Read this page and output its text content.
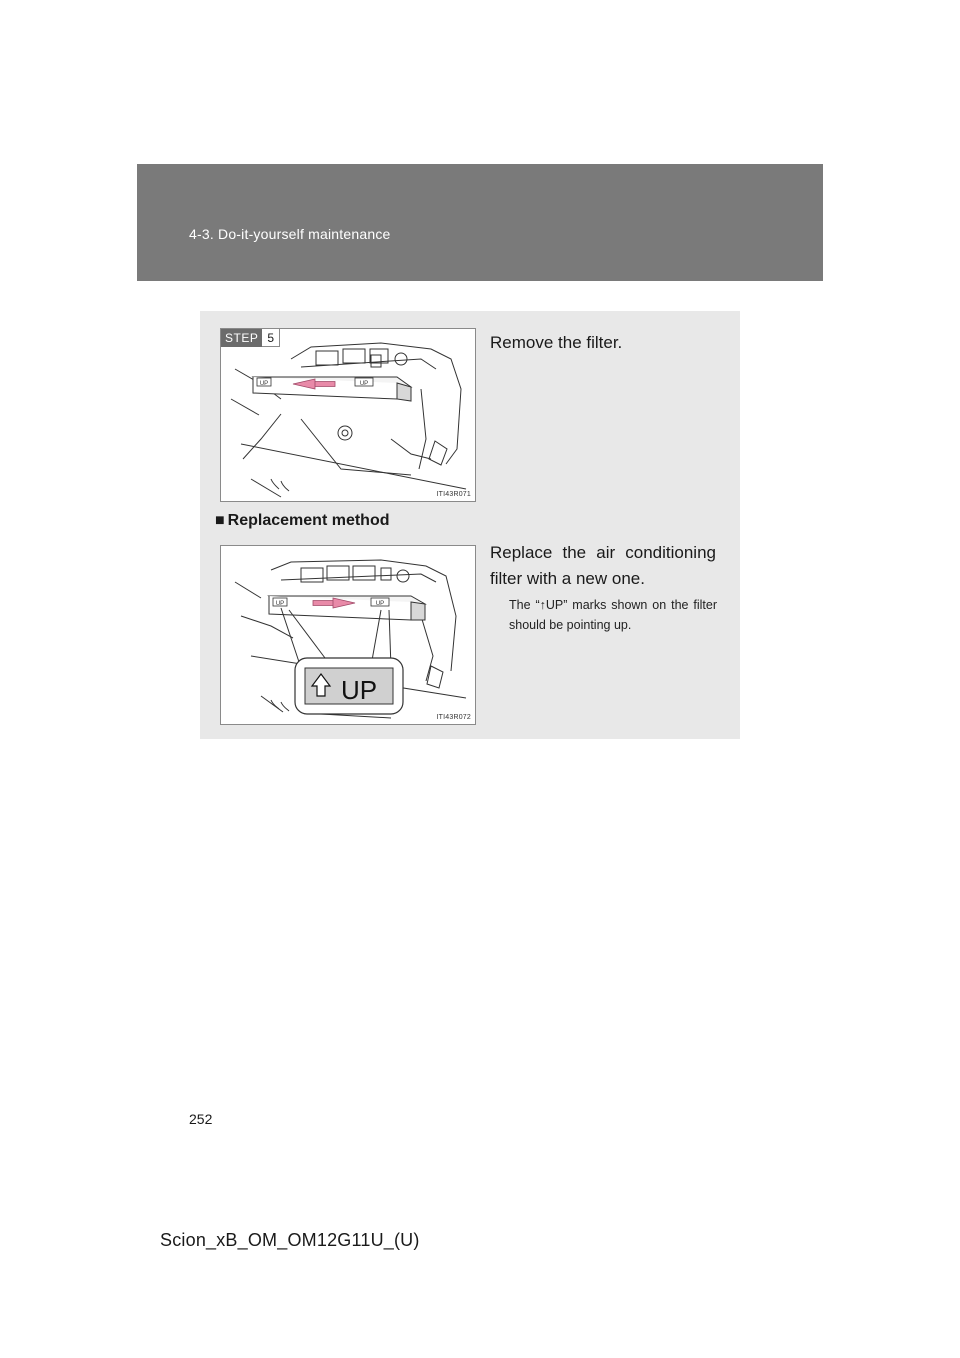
4-3. Do-it-yourself maintenance
UP	UP
STEP 5
ITI43R071
Remove the filter.
■ Replacement method
UP	UP
UP
ITI43R072
Replace the air conditioning filter with a new one.
The “↑UP” marks shown on the filter should be pointing up.
252
Scion_xB_OM_OM12G11U_(U)
